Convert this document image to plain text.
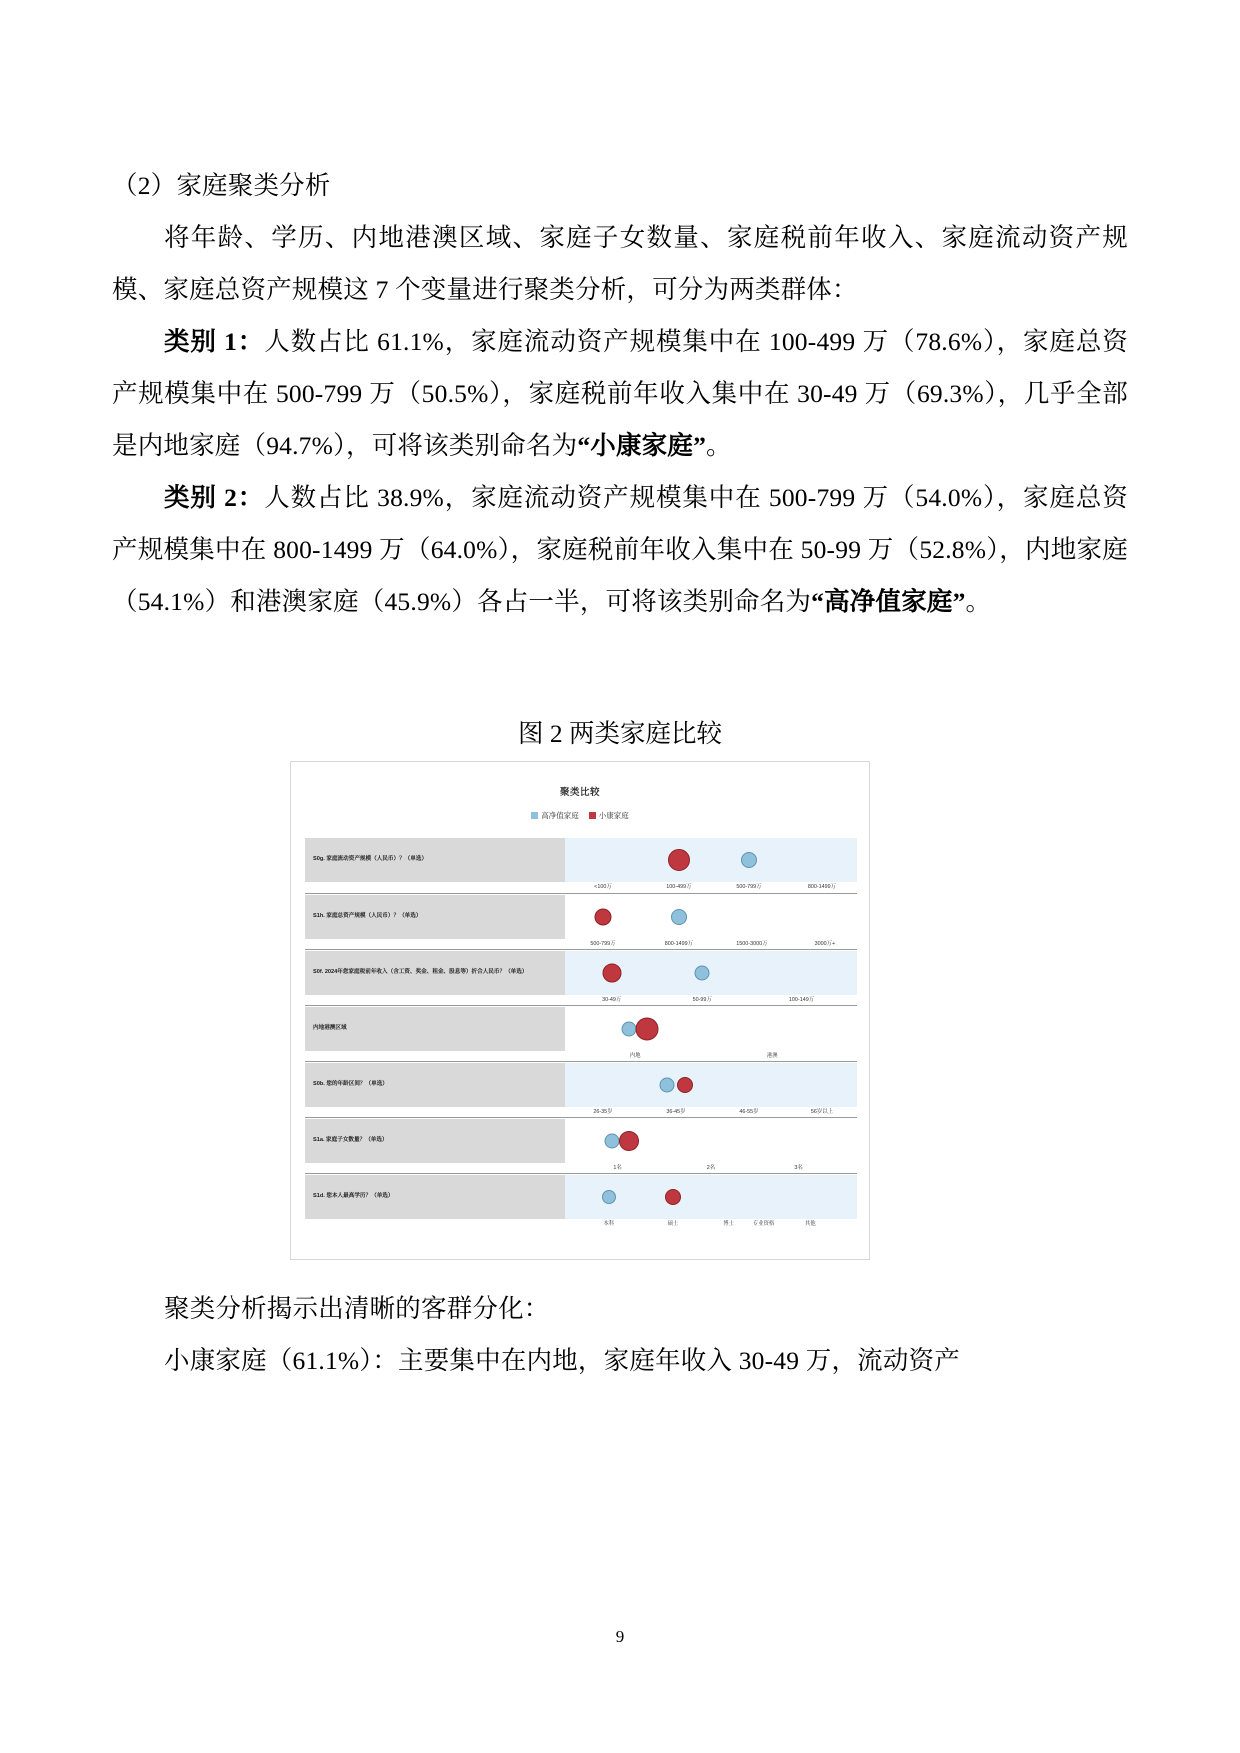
（2）家庭聚类分析

将年龄、学历、内地港澳区域、家庭子女数量、家庭税前年收入、家庭流动资产规模、家庭总资产规模这 7 个变量进行聚类分析，可分为两类群体：

类别 1：人数占比 61.1%，家庭流动资产规模集中在 100-499 万（78.6%），家庭总资产规模集中在 500-799 万（50.5%），家庭税前年收入集中在 30-49 万（69.3%），几乎全部是内地家庭（94.7%），可将该类别命名为“小康家庭”。

类别 2：人数占比 38.9%，家庭流动资产规模集中在 500-799 万（54.0%），家庭总资产规模集中在 800-1499 万（64.0%），家庭税前年收入集中在 50-99 万（52.8%），内地家庭（54.1%）和港澳家庭（45.9%）各占一半，可将该类别命名为“高净值家庭”。

图 2 两类家庭比较
聚类比较
高净值家庭	小康家庭
S0g. 家庭流动资产规模（人民币）？（单选）
<100万	100-499万	500-799万	800-1499万
S1h. 家庭总资产规模（人民币）？（单选）
500-799万	800-1499万	1500-3000万	3000万+
S0f. 2024年您家庭税前年收入（含工资、奖金、租金、股息等）折合人民币？（单选）
30-49万	50-99万	100-149万
内地港澳区域
内地	港澳
S0b. 您的年龄区间？（单选）
26-35岁	36-45岁	46-55岁	56岁以上
S1a. 家庭子女数量？（单选）
1名	2名	3名
S1d. 您本人最高学历？（单选）
本科	硕士	博士	专业资格	其他

聚类分析揭示出清晰的客群分化：

小康家庭（61.1%）：主要集中在内地，家庭年收入 30-49 万，流动资产

9
